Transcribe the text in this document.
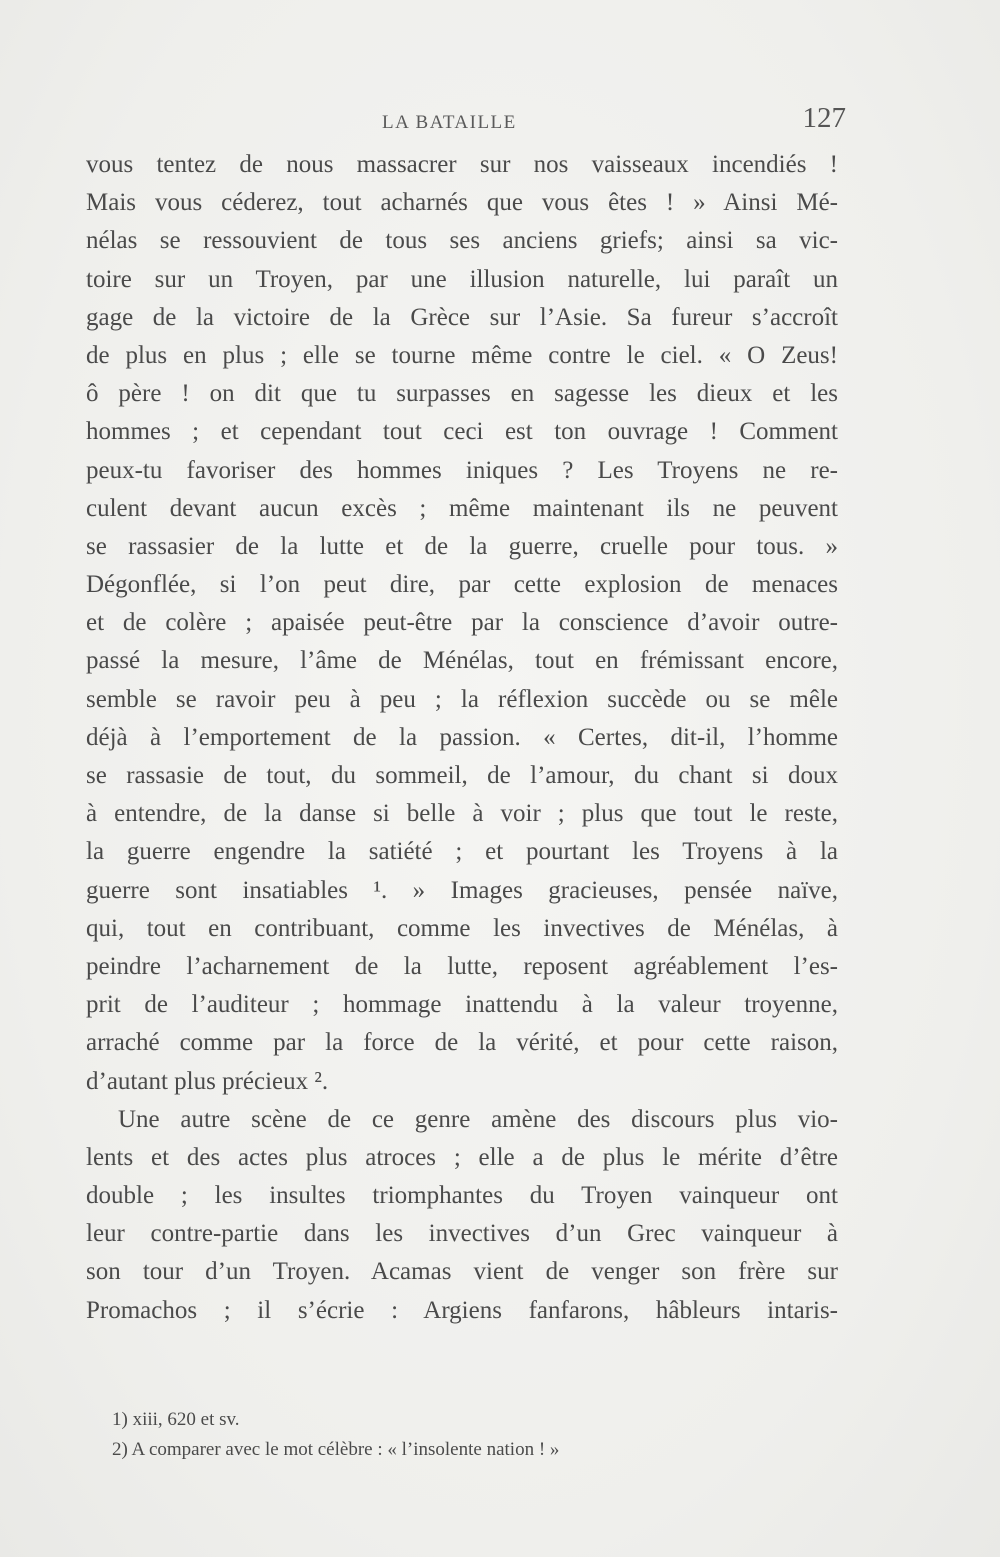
LA BATAILLE	127
vous tentez de nous massacrer sur nos vaisseaux incendiés !
Mais vous céderez, tout acharnés que vous êtes ! » Ainsi Mé-
nélas se ressouvient de tous ses anciens griefs; ainsi sa vic-
toire sur un Troyen, par une illusion naturelle, lui paraît un
gage de la victoire de la Grèce sur l’Asie. Sa fureur s’accroît
de plus en plus ; elle se tourne même contre le ciel. « O Zeus!
ô père ! on dit que tu surpasses en sagesse les dieux et les
hommes ; et cependant tout ceci est ton ouvrage ! Comment
peux-tu favoriser des hommes iniques ? Les Troyens ne re-
culent devant aucun excès ; même maintenant ils ne peuvent
se rassasier de la lutte et de la guerre, cruelle pour tous. »
Dégonflée, si l’on peut dire, par cette explosion de menaces
et de colère ; apaisée peut-être par la conscience d’avoir outre-
passé la mesure, l’âme de Ménélas, tout en frémissant encore,
semble se ravoir peu à peu ; la réflexion succède ou se mêle
déjà à l’emportement de la passion. « Certes, dit-il, l’homme
se rassasie de tout, du sommeil, de l’amour, du chant si doux
à entendre, de la danse si belle à voir ; plus que tout le reste,
la guerre engendre la satiété ; et pourtant les Troyens à la
guerre sont insatiables ¹. » Images gracieuses, pensée naïve,
qui, tout en contribuant, comme les invectives de Ménélas, à
peindre l’acharnement de la lutte, reposent agréablement l’es-
prit de l’auditeur ; hommage inattendu à la valeur troyenne,
arraché comme par la force de la vérité, et pour cette raison,
d’autant plus précieux ².
Une autre scène de ce genre amène des discours plus vio-
lents et des actes plus atroces ; elle a de plus le mérite d’être
double ; les insultes triomphantes du Troyen vainqueur ont
leur contre-partie dans les invectives d’un Grec vainqueur à
son tour d’un Troyen. Acamas vient de venger son frère sur
Promachos ; il s’écrie : Argiens fanfarons, hâbleurs intaris-
1) xiii, 620 et sv.
2) A comparer avec le mot célèbre : « l’insolente nation ! »
